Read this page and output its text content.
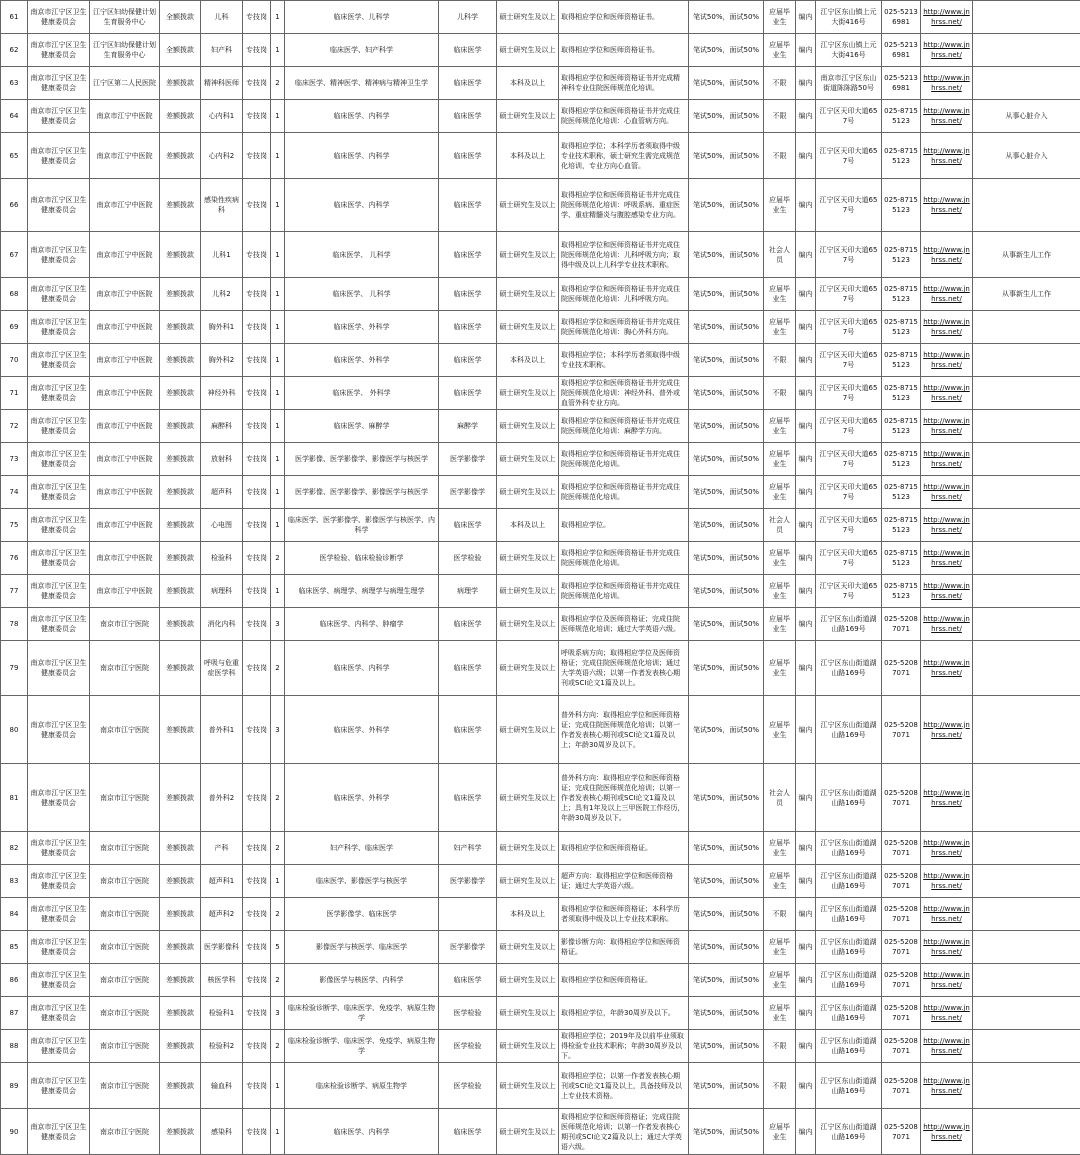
61	南京市江宁区卫生健康委员会	江宁区妇幼保健计划生育服务中心	全额拨款	儿科	专技岗	1	临床医学、儿科学	儿科学	硕士研究生及以上	取得相应学位和医师资格证书。	笔试50%，面试50%	应届毕业生	编内	江宁区东山镇上元大街416号	025-52136981	http://www.jnhrss.net/	
62	南京市江宁区卫生健康委员会	江宁区妇幼保健计划生育服务中心	全额拨款	妇产科	专技岗	1	临床医学、妇产科学	临床医学	硕士研究生及以上	取得相应学位和医师资格证书。	笔试50%，面试50%	应届毕业生	编内	江宁区东山镇上元大街416号	025-52136981	http://www.jnhrss.net/	
63	南京市江宁区卫生健康委员会	江宁区第二人民医院	差额拨款	精神科医师	专技岗	2	临床医学、精神医学、精神病与精神卫生学	临床医学	本科及以上	取得相应学位和医师资格证书并完成精神科专业住院医师规范化培训。	笔试50%，面试50%	不限	编内	南京市江宁区东山街道陈陈路50号	025-52136981	http://www.jnhrss.net/	
64	南京市江宁区卫生健康委员会	南京市江宁中医院	差额拨款	心内科1	专技岗	1	临床医学、内科学	临床医学	硕士研究生及以上	取得相应学位和医师资格证书并完成住院医师规范化培训：心血管病方向。	笔试50%，面试50%	不限	编内	江宁区天印大道657号	025-87155123	http://www.jnhrss.net/	从事心脏介入
65	南京市江宁区卫生健康委员会	南京市江宁中医院	差额拨款	心内科2	专技岗	1	临床医学、内科学	临床医学	本科及以上	取得相应学位；本科学历者须取得中级专业技术职称，硕士研究生需完成规范化培训，专业方向心血管。	笔试50%，面试50%	不限	编内	江宁区天印大道657号	025-87155123	http://www.jnhrss.net/	从事心脏介入
66	南京市江宁区卫生健康委员会	南京市江宁中医院	差额拨款	感染性疾病科	专技岗	1	临床医学、内科学	临床医学	硕士研究生及以上	取得相应学位和医师资格证书并完成住院医师规范化培训：呼吸系病、重症医学、重症精髓炎与腹腔感染专业方向。	笔试50%，面试50%	应届毕业生	编内	江宁区天印大道657号	025-87155123	http://www.jnhrss.net/	
67	南京市江宁区卫生健康委员会	南京市江宁中医院	差额拨款	儿科1	专技岗	1	临床医学、 儿科学	临床医学	硕士研究生及以上	取得相应学位和医师资格证书并完成住院医师规范化培训：儿科呼吸方向；取得中级及以上儿科学专业技术职称。	笔试50%，面试50%	社会人员	编内	江宁区天印大道657号	025-87155123	http://www.jnhrss.net/	从事新生儿工作
68	南京市江宁区卫生健康委员会	南京市江宁中医院	差额拨款	儿科2	专技岗	1	临床医学、 儿科学	临床医学	硕士研究生及以上	取得相应学位和医师资格证书并完成住院医师规范化培训：儿科呼吸方向。	笔试50%，面试50%	应届毕业生	编内	江宁区天印大道657号	025-87155123	http://www.jnhrss.net/	从事新生儿工作
69	南京市江宁区卫生健康委员会	南京市江宁中医院	差额拨款	胸外科1	专技岗	1	临床医学、外科学	临床医学	硕士研究生及以上	取得相应学位和医师资格证书并完成住院医师规范化培训：胸心外科方向。	笔试50%，面试50%	应届毕业生	编内	江宁区天印大道657号	025-87155123	http://www.jnhrss.net/	
70	南京市江宁区卫生健康委员会	南京市江宁中医院	差额拨款	胸外科2	专技岗	1	临床医学、外科学	临床医学	本科及以上	取得相应学位；本科学历者须取得中级专业技术职称。	笔试50%，面试50%	不限	编内	江宁区天印大道657号	025-87155123	http://www.jnhrss.net/	
71	南京市江宁区卫生健康委员会	南京市江宁中医院	差额拨款	神经外科	专技岗	1	临床医学、 外科学	临床医学	硕士研究生及以上	取得相应学位和医师资格证书并完成住院医师规范化培训：神经外科、普外或血管外科专业方向。	笔试50%，面试50%	不限	编内	江宁区天印大道657号	025-87155123	http://www.jnhrss.net/	
72	南京市江宁区卫生健康委员会	南京市江宁中医院	差额拨款	麻醉科	专技岗	1	临床医学、麻醉学	麻醉学	硕士研究生及以上	取得相应学位和医师资格证书并完成住院医师规范化培训：麻醉学方向。	笔试50%，面试50%	应届毕业生	编内	江宁区天印大道657号	025-87155123	http://www.jnhrss.net/	
73	南京市江宁区卫生健康委员会	南京市江宁中医院	差额拨款	放射科	专技岗	1	医学影像、医学影像学、影像医学与核医学	医学影像学	硕士研究生及以上	取得相应学位和医师资格证书并完成住院医师规范化培训。	笔试50%，面试50%	应届毕业生	编内	江宁区天印大道657号	025-87155123	http://www.jnhrss.net/	
74	南京市江宁区卫生健康委员会	南京市江宁中医院	差额拨款	超声科	专技岗	1	医学影像、医学影像学、影像医学与核医学	医学影像学	硕士研究生及以上	取得相应学位和医师资格证书并完成住院医师规范化培训。	笔试50%，面试50%	应届毕业生	编内	江宁区天印大道657号	025-87155123	http://www.jnhrss.net/	
75	南京市江宁区卫生健康委员会	南京市江宁中医院	差额拨款	心电图	专技岗	1	临床医学、医学影像学、影像医学与核医学、内科学	临床医学	本科及以上	取得相应学位。	笔试50%，面试50%	社会人员	编内	江宁区天印大道657号	025-87155123	http://www.jnhrss.net/	
76	南京市江宁区卫生健康委员会	南京市江宁中医院	差额拨款	检验科	专技岗	2	医学检验、临床检验诊断学	医学检验	硕士研究生及以上	取得相应学位和医师资格证书并完成住院医师规范化培训。	笔试50%，面试50%	应届毕业生	编内	江宁区天印大道657号	025-87155123	http://www.jnhrss.net/	
77	南京市江宁区卫生健康委员会	南京市江宁中医院	差额拨款	病理科	专技岗	1	临床医学、病理学、病理学与病理生理学	病理学	硕士研究生及以上	取得相应学位和医师资格证书并完成住院医师规范化培训。	笔试50%，面试50%	应届毕业生	编内	江宁区天印大道657号	025-87155123	http://www.jnhrss.net/	
78	南京市江宁区卫生健康委员会	南京市江宁医院	差额拨款	消化内科	专技岗	3	临床医学、内科学、肿瘤学	临床医学	硕士研究生及以上	取得相应学位及医师资格证；完成住院医师规范化培训；通过大学英语六级。	笔试50%，面试50%	应届毕业生	编内	江宁区东山街道湖山路169号	025-52087071	http://www.jnhrss.net/	
79	南京市江宁区卫生健康委员会	南京市江宁医院	差额拨款	呼吸与危重症医学科	专技岗	2	临床医学、内科学	临床医学	硕士研究生及以上	呼吸系病方向；取得相应学位及医师资格证；完成住院医师规范化培训；通过大学英语六级；以第一作者发表核心期刊或SCI论文1篇及以上。	笔试50%，面试50%	应届毕业生	编内	江宁区东山街道湖山路169号	025-52087071	http://www.jnhrss.net/	
80	南京市江宁区卫生健康委员会	南京市江宁医院	差额拨款	普外科1	专技岗	3	临床医学、外科学	临床医学	硕士研究生及以上	普外科方向：取得相应学位和医师资格证；完成住院医师规范化培训；以第一作者发表核心期刊或SCI论文1篇及以上；年龄30周岁及以下。	笔试50%，面试50%	应届毕业生	编内	江宁区东山街道湖山路169号	025-52087071	http://www.jnhrss.net/	
81	南京市江宁区卫生健康委员会	南京市江宁医院	差额拨款	普外科2	专技岗	2	临床医学、外科学	临床医学	硕士研究生及以上	普外科方向：取得相应学位和医师资格证；完成住院医师规范化培训；以第一作者发表核心期刊或SCI论文1篇及以上；具有1年及以上三甲医院工作经历，年龄30周岁及以下。	笔试50%，面试50%	社会人员	编内	江宁区东山街道湖山路169号	025-52087071	http://www.jnhrss.net/	
82	南京市江宁区卫生健康委员会	南京市江宁医院	差额拨款	产科	专技岗	2	妇产科学、临床医学	妇产科学	硕士研究生及以上	取得相应学位和医师资格证。	笔试50%，面试50%	应届毕业生	编内	江宁区东山街道湖山路169号	025-52087071	http://www.jnhrss.net/	
83	南京市江宁区卫生健康委员会	南京市江宁医院	差额拨款	超声科1	专技岗	1	临床医学、影像医学与核医学	医学影像学	硕士研究生及以上	超声方向：取得相应学位和医师资格证；通过大学英语六级。	笔试50%，面试50%	应届毕业生	编内	江宁区东山街道湖山路169号	025-52087071	http://www.jnhrss.net/	
84	南京市江宁区卫生健康委员会	南京市江宁医院	差额拨款	超声科2	专技岗	2	医学影像学、临床医学		本科及以上	取得相应学位和医师资格证；本科学历者须取得中级及以上专业技术职称。	笔试50%，面试50%	不限	编内	江宁区东山街道湖山路169号	025-52087071	http://www.jnhrss.net/	
85	南京市江宁区卫生健康委员会	南京市江宁医院	差额拨款	医学影像科	专技岗	5	影像医学与核医学、临床医学	医学影像学	硕士研究生及以上	影像诊断方向：取得相应学位和医师资格证。	笔试50%，面试50%	应届毕业生	编内	江宁区东山街道湖山路169号	025-52087071	http://www.jnhrss.net/	
86	南京市江宁区卫生健康委员会	南京市江宁医院	差额拨款	核医学科	专技岗	2	影像医学与核医学、内科学	临床医学	硕士研究生及以上	取得相应学位和医师资格证。	笔试50%，面试50%	应届毕业生	编内	江宁区东山街道湖山路169号	025-52087071	http://www.jnhrss.net/	
87	南京市江宁区卫生健康委员会	南京市江宁医院	差额拨款	检验科1	专技岗	3	临床检验诊断学、临床医学、免疫学、病原生物学	医学检验	硕士研究生及以上	取得相应学位，年龄30周岁及以下。	笔试50%，面试50%	应届毕业生	编内	江宁区东山街道湖山路169号	025-52087071	http://www.jnhrss.net/	
88	南京市江宁区卫生健康委员会	南京市江宁医院	差额拨款	检验科2	专技岗	2	临床检验诊断学、临床医学、免疫学、病原生物学	医学检验	硕士研究生及以上	取得相应学位；2019年及以前毕业须取得检验专业技术职称；年龄30周岁及以下。	笔试50%，面试50%	不限	编内	江宁区东山街道湖山路169号	025-52087071	http://www.jnhrss.net/	
89	南京市江宁区卫生健康委员会	南京市江宁医院	差额拨款	输血科	专技岗	1	临床检验诊断学、病原生物学	医学检验	硕士研究生及以上	取得相应学位；以第一作者发表核心期刊或SCI论文1篇及以上，具备技师及以上专业技术资格。	笔试50%，面试50%	不限	编内	江宁区东山街道湖山路169号	025-52087071	http://www.jnhrss.net/	
90	南京市江宁区卫生健康委员会	南京市江宁医院	差额拨款	感染科	专技岗	1	临床医学、内科学	临床医学	硕士研究生及以上	取得相应学位和医师资格证；完成住院医师规范化培训；以第一作者发表核心期刊或SCI论文2篇及以上；通过大学英语六级。	笔试50%，面试50%	应届毕业生	编内	江宁区东山街道湖山路169号	025-52087071	http://www.jnhrss.net/	
